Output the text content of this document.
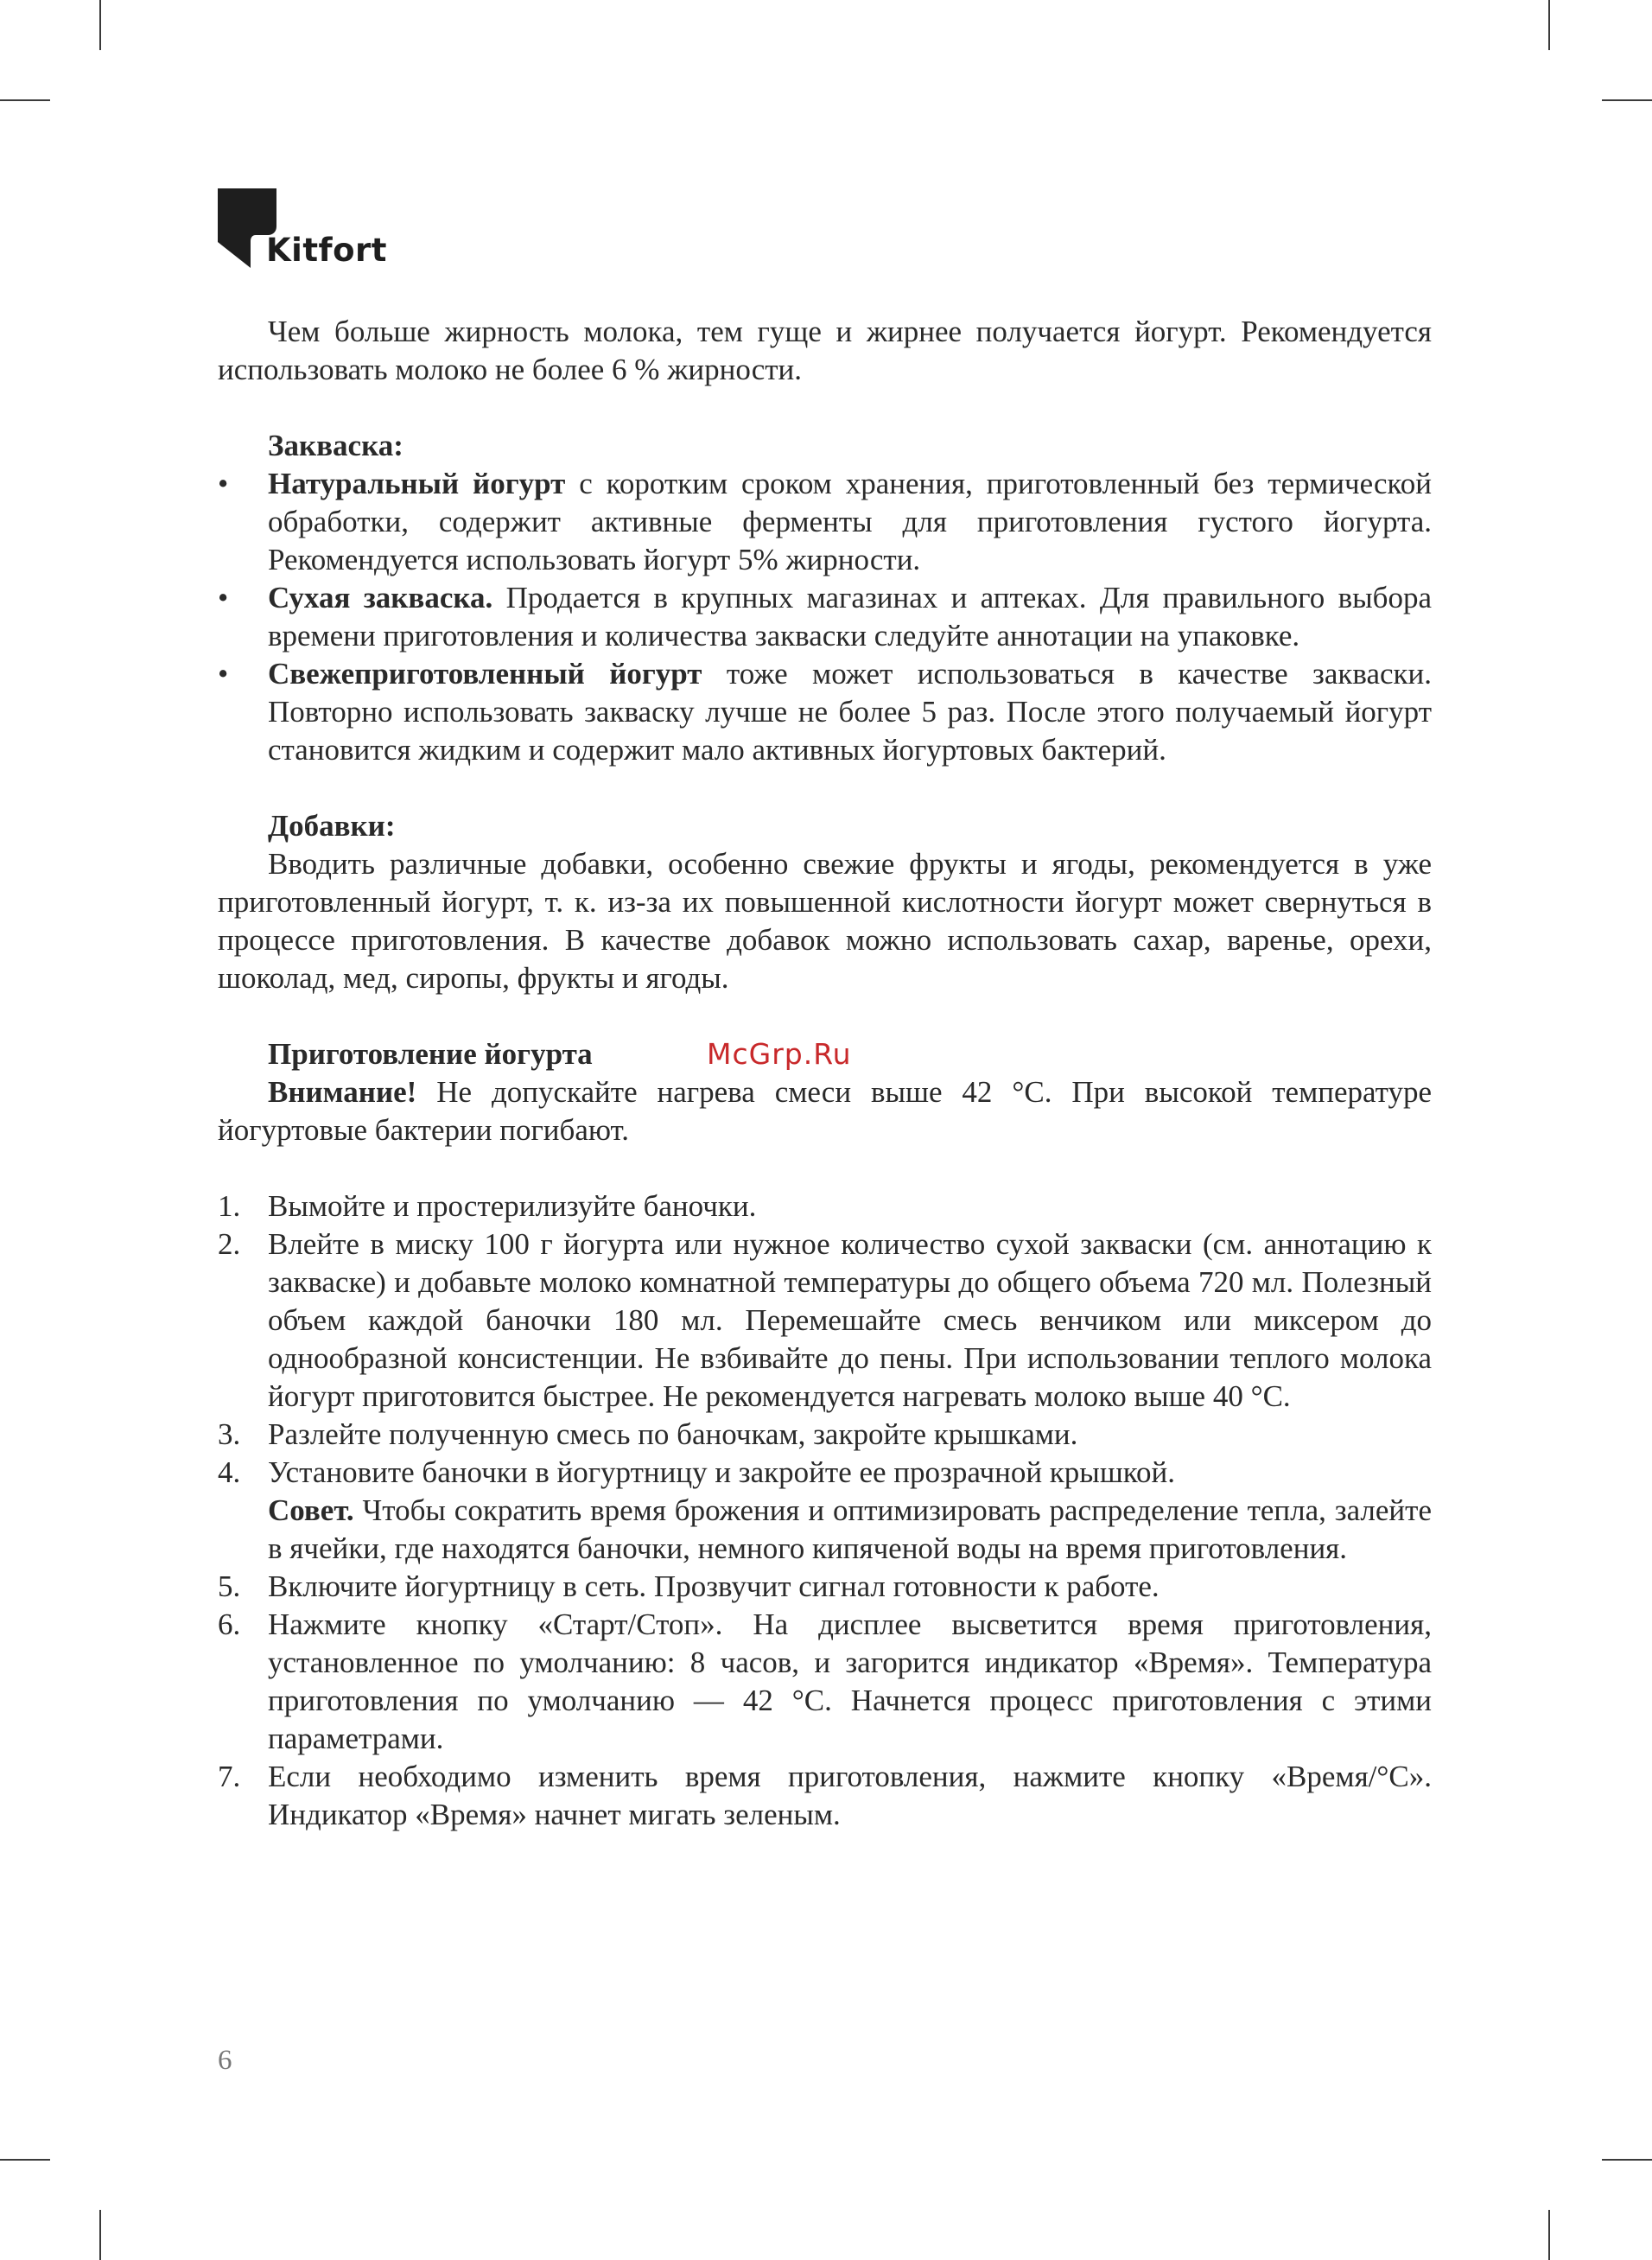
Kitfort

Чем больше жирность молока, тем гуще и жирнее получается йогурт. Рекомендуется использовать молоко не более 6 % жирности.

Закваска:

• Натуральный йогурт с коротким сроком хранения, приготовленный без термической обработки, содержит активные ферменты для приготовления густого йогурта. Рекомендуется использовать йогурт 5% жирности.
• Сухая закваска. Продается в крупных магазинах и аптеках. Для правильного выбора времени приготовления и количества закваски следуйте аннотации на упаковке.
• Свежеприготовленный йогурт тоже может использоваться в качестве закваски. Повторно использовать закваску лучше не более 5 раз. После этого получаемый йогурт становится жидким и содержит мало активных йогуртовых бактерий.

Добавки:

Вводить различные добавки, особенно свежие фрукты и ягоды, рекомендуется в уже приготовленный йогурт, т. к. из-за их повышенной кислотности йогурт может свернуться в процессе приготовления. В качестве добавок можно использовать сахар, варенье, орехи, шоколад, мед, сиропы, фрукты и ягоды.

Приготовление йогурта	McGrp.Ru

Внимание! Не допускайте нагрева смеси выше 42 °С. При высокой температуре йогуртовые бактерии погибают.

1. Вымойте и простерилизуйте баночки.
2. Влейте в миску 100 г йогурта или нужное количество сухой закваски (см. аннотацию к закваске) и добавьте молоко комнатной температуры до общего объема 720 мл. Полезный объем каждой баночки 180 мл. Перемешайте смесь венчиком или миксером до однообразной консистенции. Не взбивайте до пены. При использовании теплого молока йогурт приготовится быстрее. Не рекомендуется нагревать молоко выше 40 °С.
3. Разлейте полученную смесь по баночкам, закройте крышками.
4. Установите баночки в йогуртницу и закройте ее прозрачной крышкой.

Совет. Чтобы сократить время брожения и оптимизировать распределение тепла, залейте в ячейки, где находятся баночки, немного кипяченой воды на время приготовления.

5. Включите йогуртницу в сеть. Прозвучит сигнал готовности к работе.
6. Нажмите кнопку «Старт/Стоп». На дисплее высветится время приготовления, установленное по умолчанию: 8 часов, и загорится индикатор «Время». Температура приготовления по умолчанию — 42 °С. Начнется процесс приготовления с этими параметрами.
7. Если необходимо изменить время приготовления, нажмите кнопку «Время/°С». Индикатор «Время» начнет мигать зеленым.
6
